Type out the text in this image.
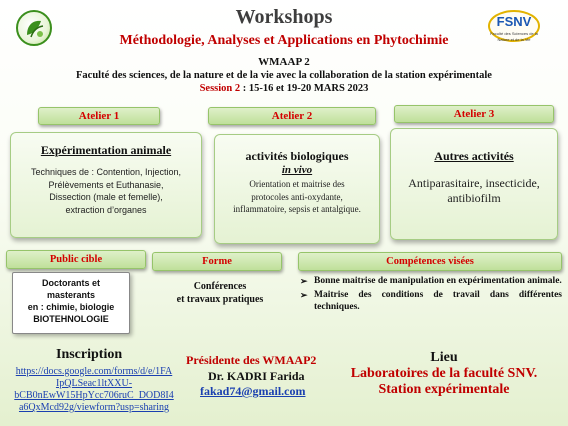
FSNV
Faculté des Sciences de la Nature et de la Vie
Workshops
Méthodologie, Analyses et Applications en Phytochimie
WMAAP 2
Faculté des sciences, de la nature et de la vie avec la collaboration de la station expérimentale
Session 2 : 15-16 et 19-20 MARS 2023
Atelier 1	Atelier 2	Atelier 3
Expérimentation animale
Techniques de : Contention, Injection,
Prélèvements et Euthanasie,
Dissection (male et femelle),
extraction d’organes
activités biologiques
in vivo
Orientation et maitrise des
protocoles anti-oxydante,
inflammatoire, sepsis et antalgique.
Autres activités
Antiparasitaire, insecticide,
antibiofilm
Public cible
Doctorants et
masterants
en : chimie, biologie
BIOTEHNOLOGIE
Forme
Conférences
et travaux pratiques
Compétences visées
➢ Bonne maitrise de manipulation en expérimentation animale.
➢ Maitrise des conditions de travail dans différentes techniques.
Inscription
https://docs.google.com/forms/d/e/1FA
IpQLSeac1ltXXU-
bCB0nEwW15HpYcc706ruC_DOD8I4
a6QxMcd92g/viewform?usp=sharing
Présidente des WMAAP2
Dr. KADRI Farida
fakad74@gmail.com
Lieu
Laboratoires de la faculté SNV.
Station expérimentale
